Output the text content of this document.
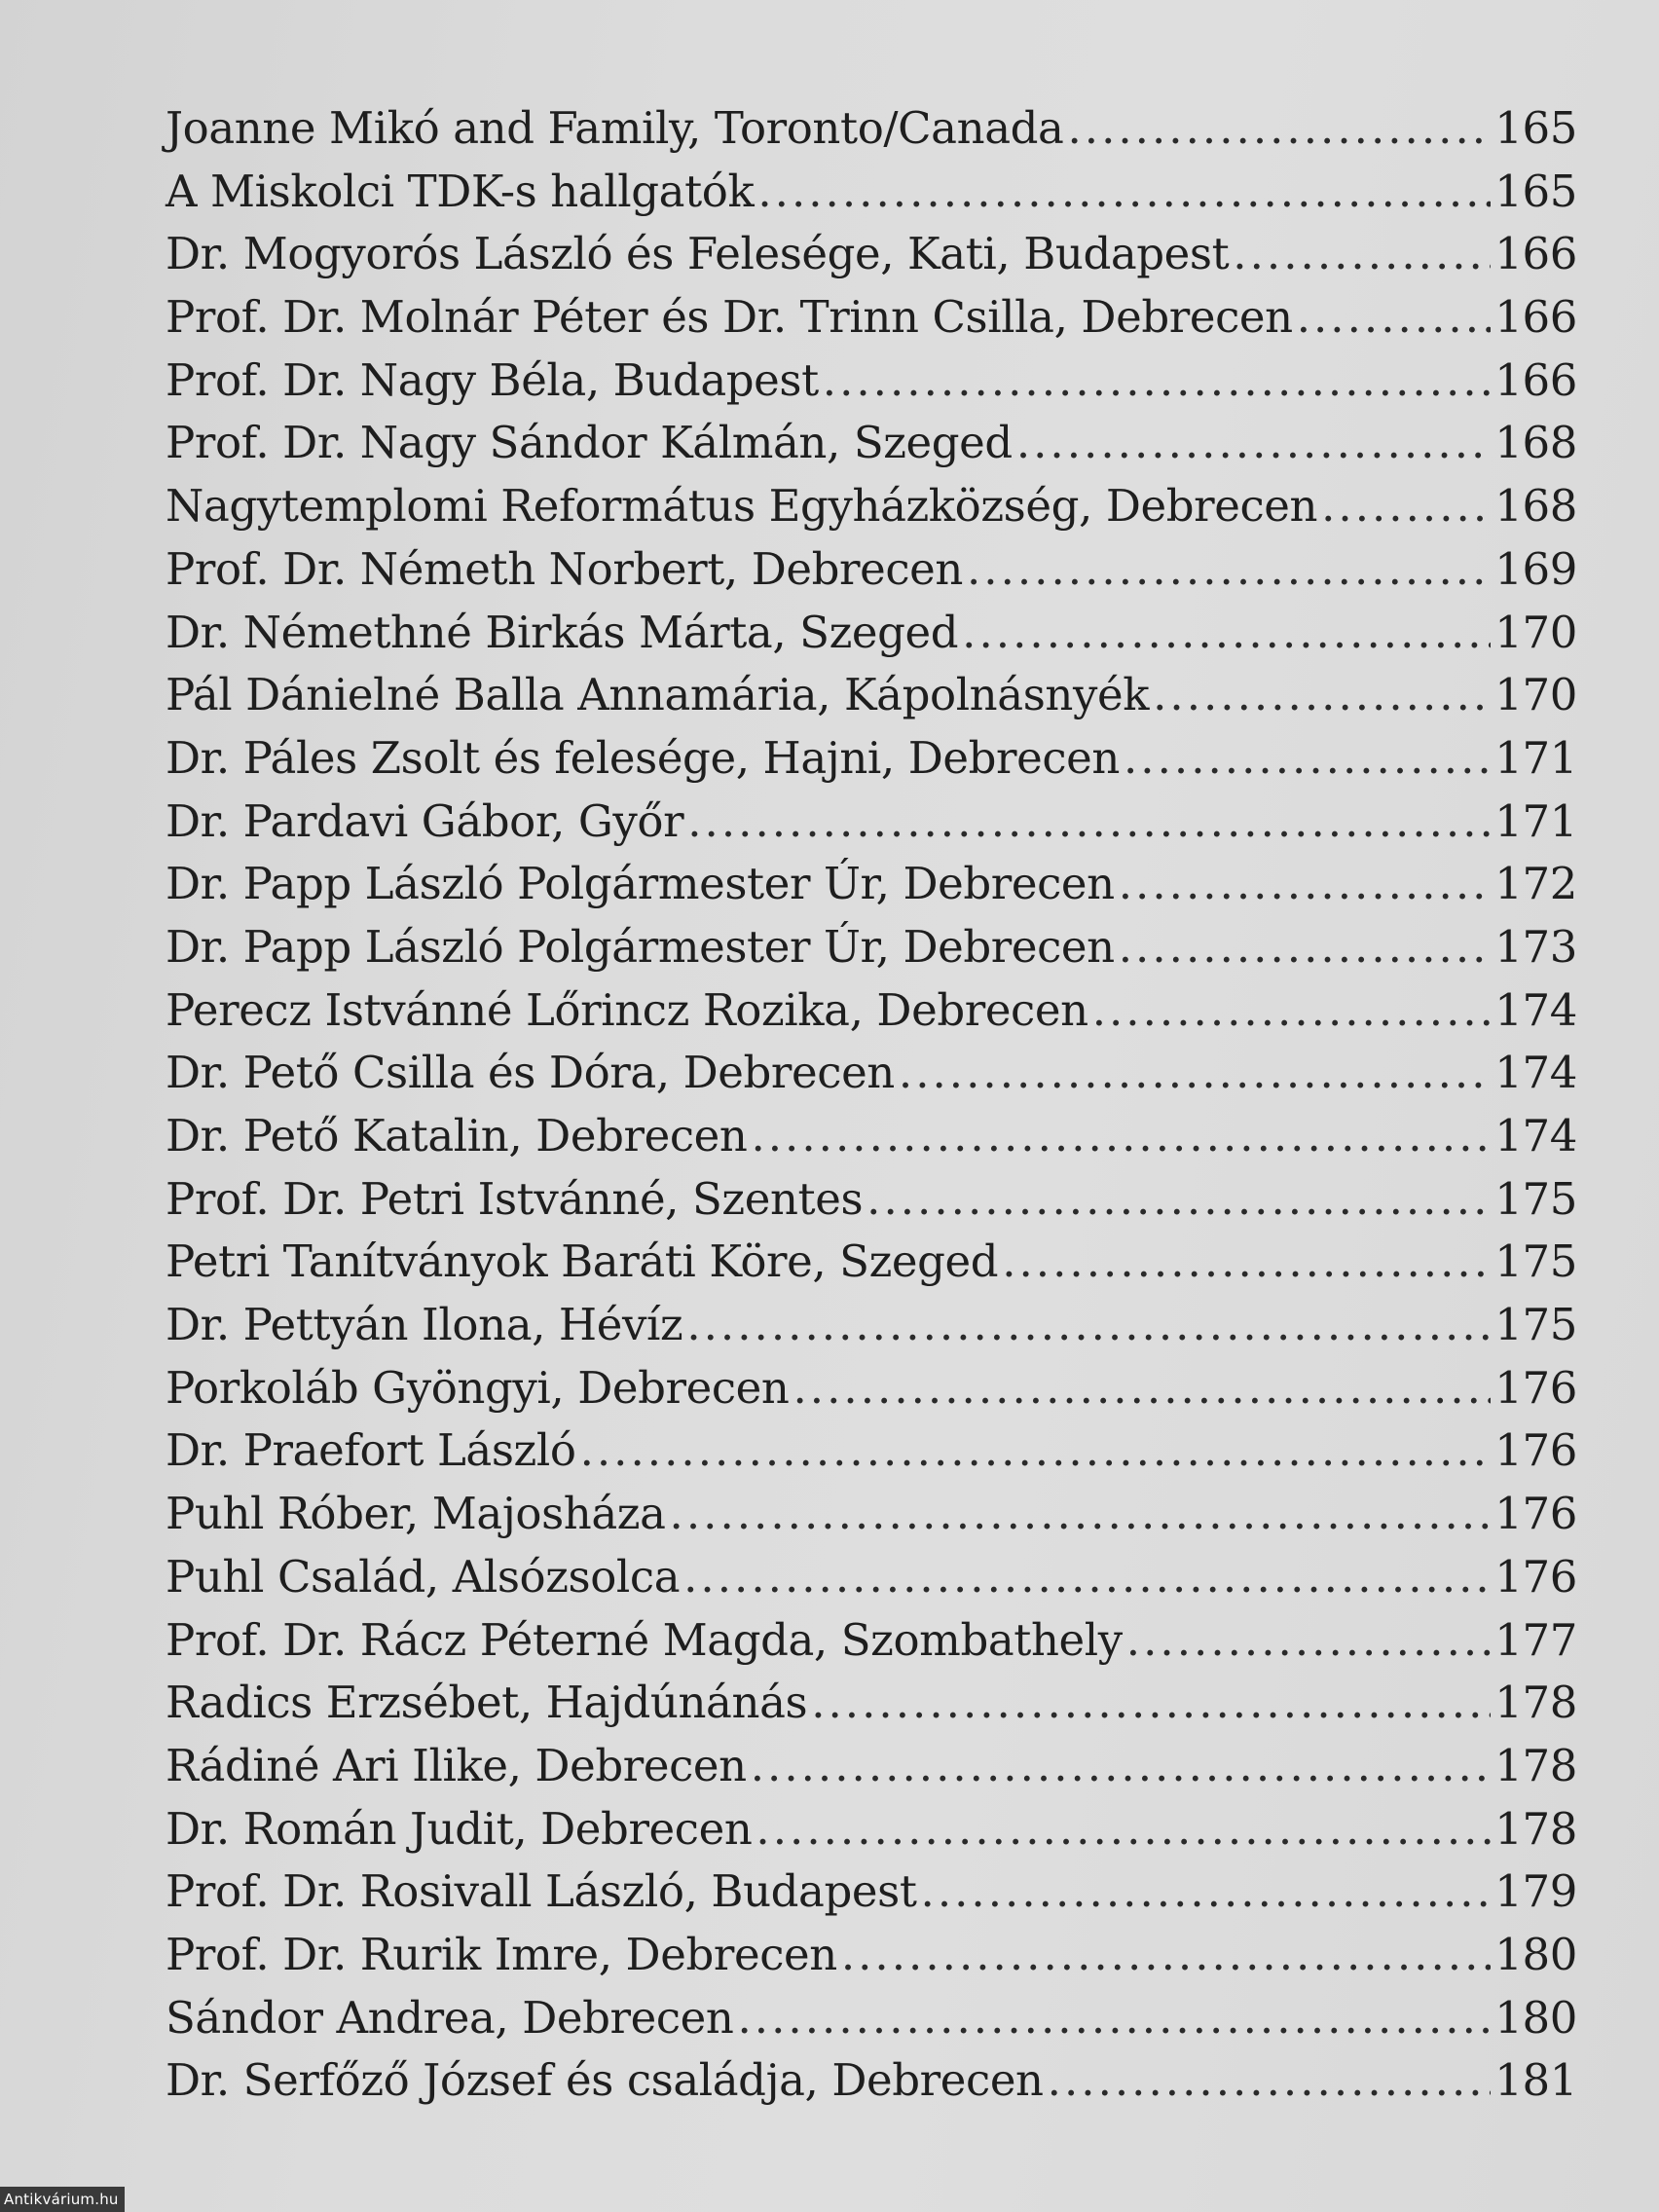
Joanne Mikó and Family, Toronto/Canada .....	165
A Miskolci TDK-s hallgatók .....	165
Dr. Mogyorós László és Felesége, Kati, Budapest .....	166
Prof. Dr. Molnár Péter és Dr. Trinn Csilla, Debrecen .....	166
Prof. Dr. Nagy Béla, Budapest .....	166
Prof. Dr. Nagy Sándor Kálmán, Szeged .....	168
Nagytemplomi Református Egyházközség, Debrecen .....	168
Prof. Dr. Németh Norbert, Debrecen .....	169
Dr. Némethné Birkás Márta, Szeged .....	170
Pál Dánielné Balla Annamária, Kápolnásnyék .....	170
Dr. Páles Zsolt és felesége, Hajni, Debrecen .....	171
Dr. Pardavi Gábor, Győr .....	171
Dr. Papp László Polgármester Úr, Debrecen .....	172
Dr. Papp László Polgármester Úr, Debrecen .....	173
Perecz Istvánné Lőrincz Rozika, Debrecen .....	174
Dr. Pető Csilla és Dóra, Debrecen .....	174
Dr. Pető Katalin, Debrecen .....	174
Prof. Dr. Petri Istvánné, Szentes .....	175
Petri Tanítványok Baráti Köre, Szeged .....	175
Dr. Pettyán Ilona, Hévíz .....	175
Porkoláb Gyöngyi, Debrecen .....	176
Dr. Praefort László .....	176
Puhl Róber, Majosháza .....	176
Puhl Család, Alsózsolca .....	176
Prof. Dr. Rácz Péterné Magda, Szombathely .....	177
Radics Erzsébet, Hajdúnánás .....	178
Rádiné Ari Ilike, Debrecen .....	178
Dr. Román Judit, Debrecen .....	178
Prof. Dr. Rosivall László, Budapest .....	179
Prof. Dr. Rurik Imre, Debrecen .....	180
Sándor Andrea, Debrecen .....	180
Dr. Serfőző József és családja, Debrecen .....	181
Antikvárium.hu
